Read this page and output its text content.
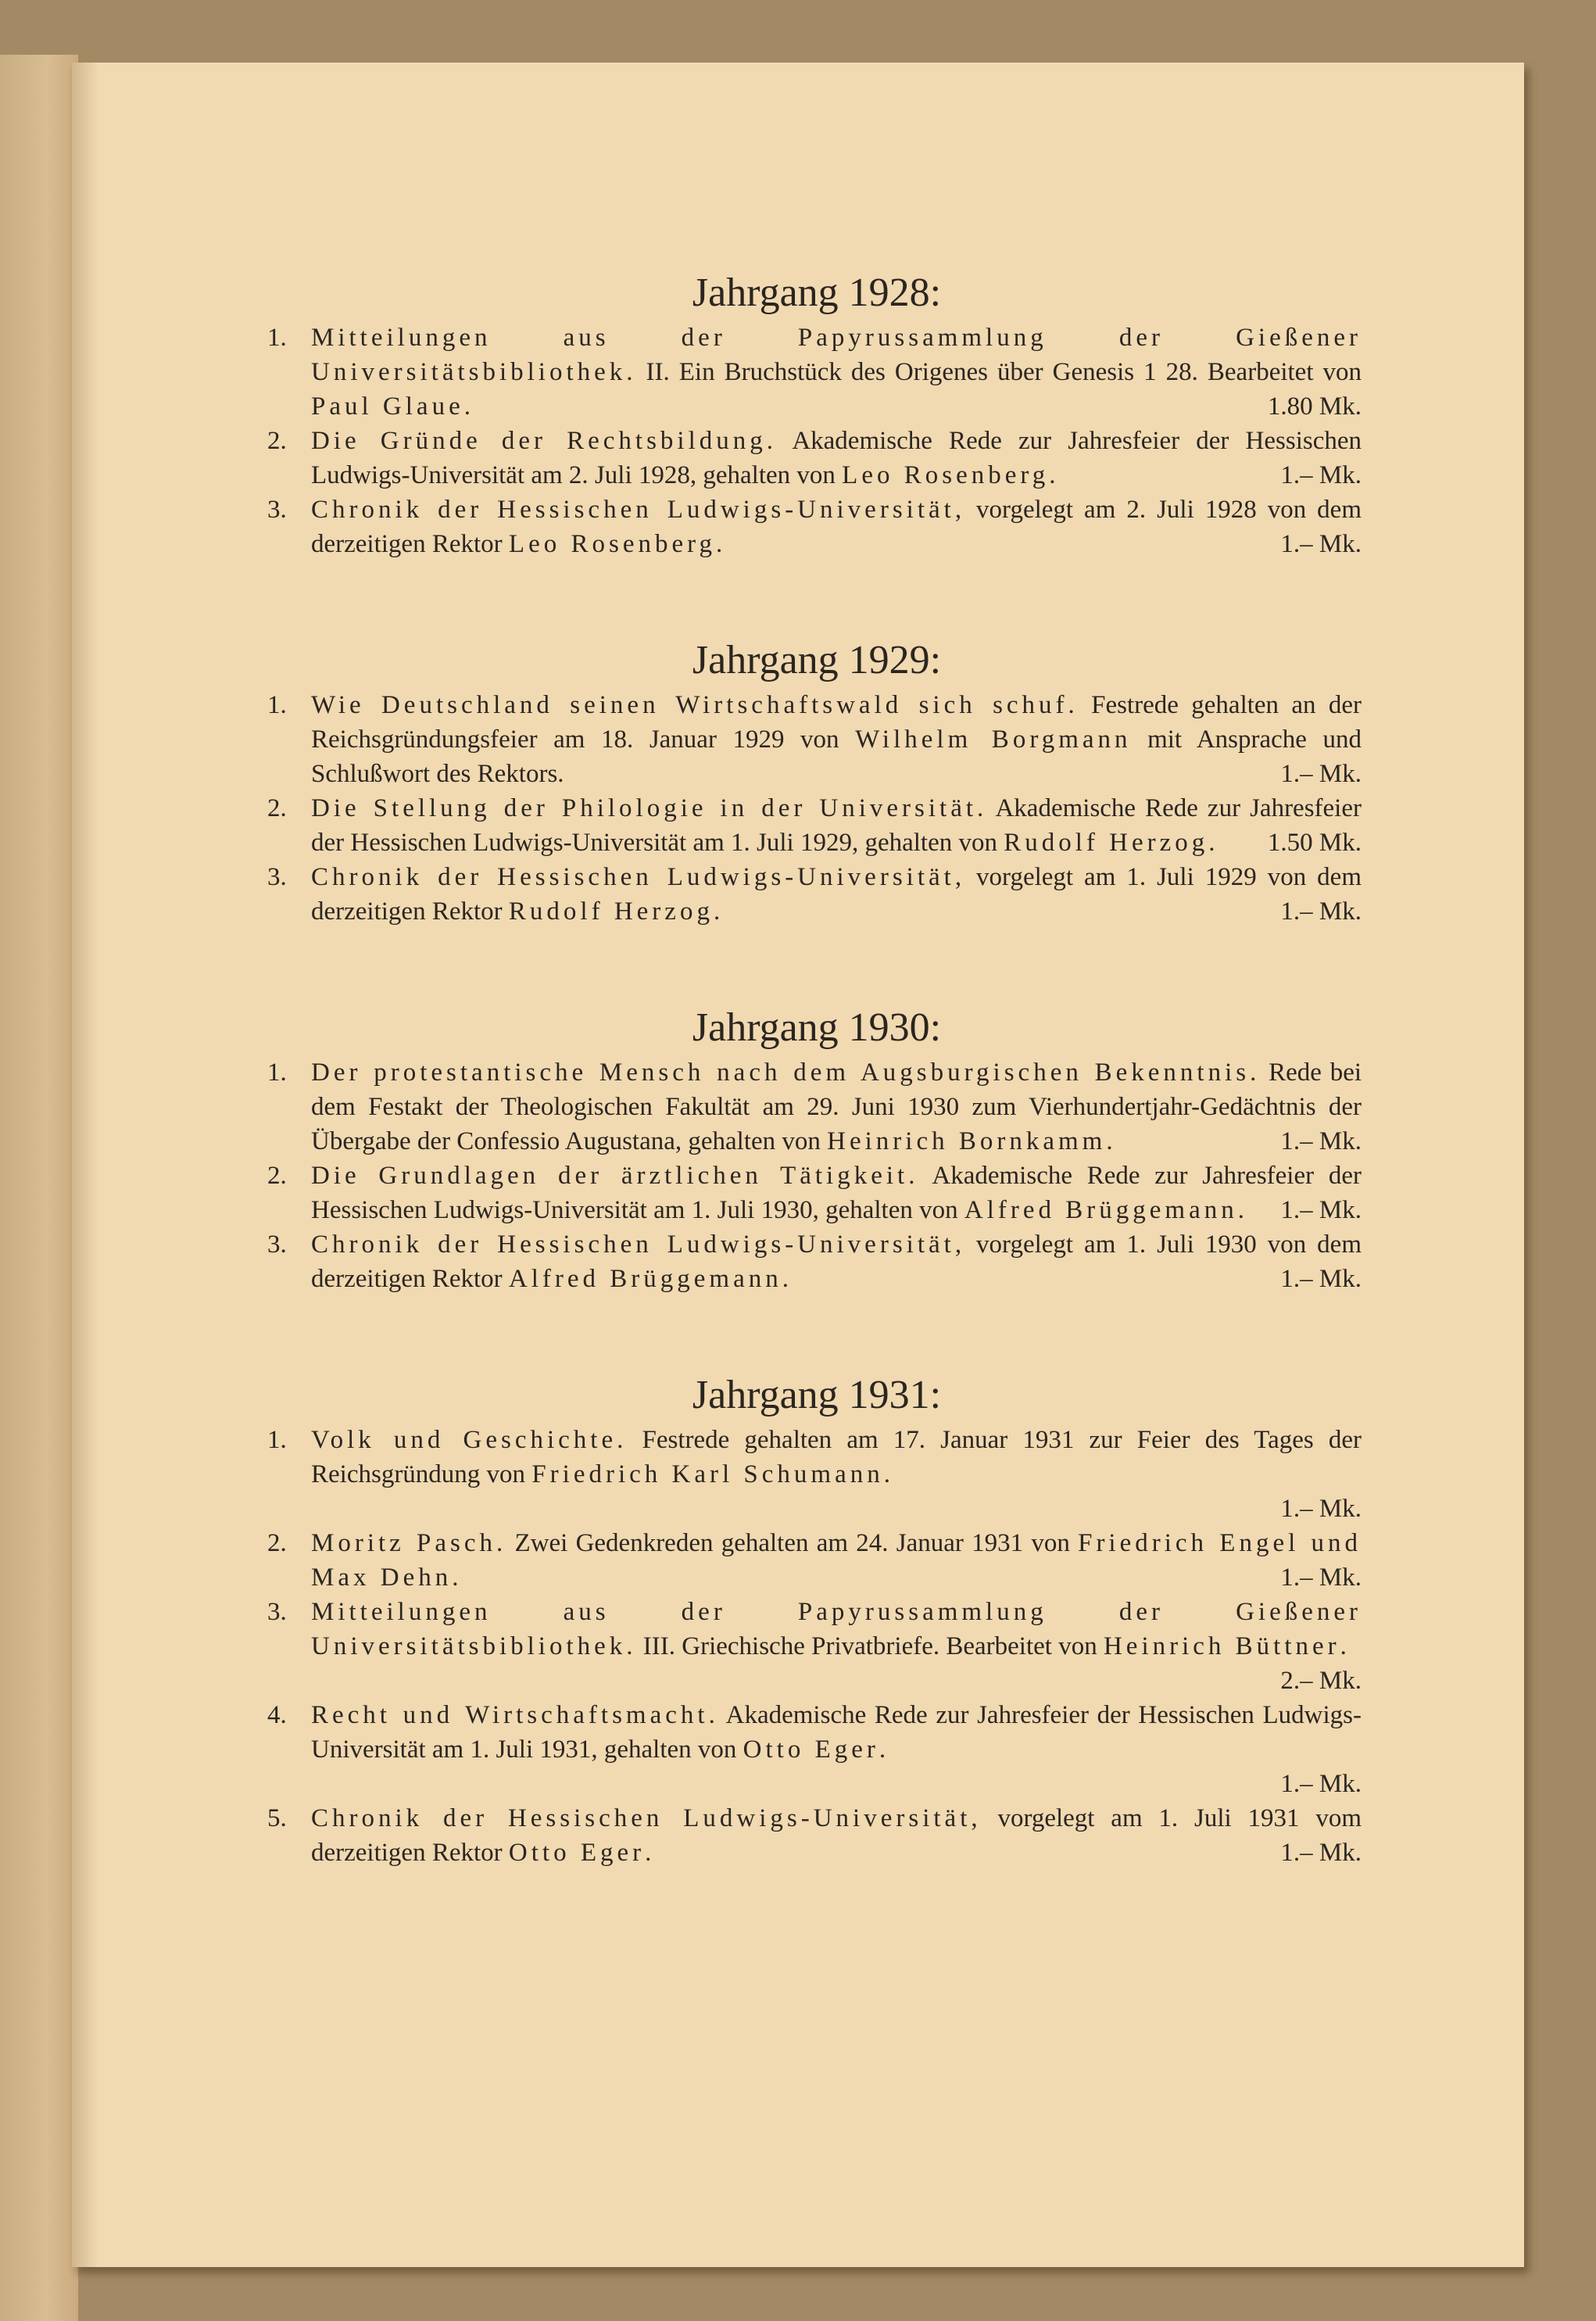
Jahrgang 1928:
1. Mitteilungen aus der Papyrussammlung der Gießener Universitätsbibliothek. II. Ein Bruchstück des Origenes über Genesis 1 28. Bearbeitet von Paul Glaue.	1.80 Mk.
2. Die Gründe der Rechtsbildung. Akademische Rede zur Jahresfeier der Hessischen Ludwigs-Universität am 2. Juli 1928, gehalten von Leo Rosenberg.	1.– Mk.
3. Chronik der Hessischen Ludwigs-Universität, vorgelegt am 2. Juli 1928 von dem derzeitigen Rektor Leo Rosenberg.	1.– Mk.
Jahrgang 1929:
1. Wie Deutschland seinen Wirtschaftswald sich schuf. Festrede gehalten an der Reichsgründungsfeier am 18. Januar 1929 von Wilhelm Borgmann mit Ansprache und Schlußwort des Rektors.	1.– Mk.
2. Die Stellung der Philologie in der Universität. Akademische Rede zur Jahresfeier der Hessischen Ludwigs-Universität am 1. Juli 1929, gehalten von Rudolf Herzog. 1.50 Mk.
3. Chronik der Hessischen Ludwigs-Universität, vorgelegt am 1. Juli 1929 von dem derzeitigen Rektor Rudolf Herzog.	1.– Mk.
Jahrgang 1930:
1. Der protestantische Mensch nach dem Augsburgischen Bekenntnis. Rede bei dem Festakt der Theologischen Fakultät am 29. Juni 1930 zum Vierhundertjahr-Gedächtnis der Übergabe der Confessio Augustana, gehalten von Heinrich Bornkamm.	1.– Mk.
2. Die Grundlagen der ärztlichen Tätigkeit. Akademische Rede zur Jahresfeier der Hessischen Ludwigs-Universität am 1. Juli 1930, gehalten von Alfred Brüggemann. 1.– Mk.
3. Chronik der Hessischen Ludwigs-Universität, vorgelegt am 1. Juli 1930 von dem derzeitigen Rektor Alfred Brüggemann.	1.– Mk.
Jahrgang 1931:
1. Volk und Geschichte. Festrede gehalten am 17. Januar 1931 zur Feier des Tages der Reichsgründung von Friedrich Karl Schumann.
1.– Mk.
2. Moritz Pasch. Zwei Gedenkreden gehalten am 24. Januar 1931 von Friedrich Engel und Max Dehn.	1.– Mk.
3. Mitteilungen aus der Papyrussammlung der Gießener Universitätsbibliothek. III. Griechische Privatbriefe. Bearbeitet von Heinrich Büttner.
2.– Mk.
4. Recht und Wirtschaftsmacht. Akademische Rede zur Jahresfeier der Hessischen Ludwigs-Universität am 1. Juli 1931, gehalten von Otto Eger.
1.– Mk.
5. Chronik der Hessischen Ludwigs-Universität, vorgelegt am 1. Juli 1931 vom derzeitigen Rektor Otto Eger.	1.– Mk.
